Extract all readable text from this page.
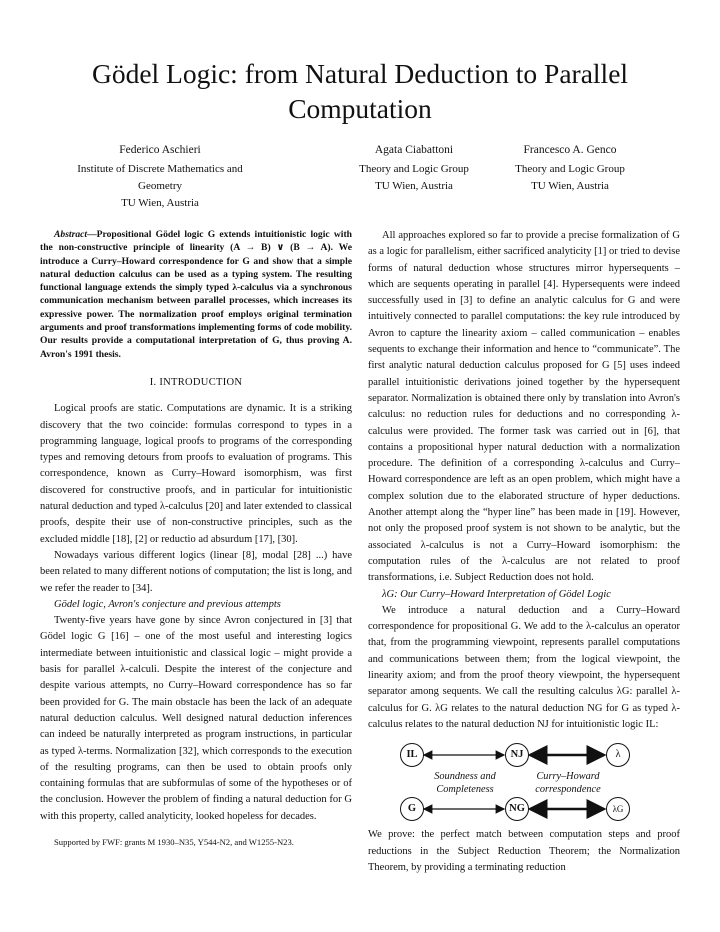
Gödel Logic: from Natural Deduction to Parallel Computation
Federico Aschieri
Institute of Discrete Mathematics and Geometry
TU Wien, Austria
Agata Ciabattoni
Theory and Logic Group
TU Wien, Austria
Francesco A. Genco
Theory and Logic Group
TU Wien, Austria

Abstract—Propositional Gödel logic G extends intuitionistic logic with the non-constructive principle of linearity (A → B) ∨ (B → A). We introduce a Curry–Howard correspondence for G and show that a simple natural deduction calculus can be used as a typing system. The resulting functional language extends the simply typed λ-calculus via a synchronous communication mechanism between parallel processes, which increases its expressive power. The normalization proof employs original termination arguments and proof transformations implementing forms of code mobility. Our results provide a computational interpretation of G, thus proving A. Avron's 1991 thesis.

I. INTRODUCTION

Logical proofs are static. Computations are dynamic. It is a striking discovery that the two coincide: formulas correspond to types in a programming language, logical proofs to programs of the corresponding types and removing detours from proofs to evaluation of programs. This correspondence, known as Curry–Howard isomorphism, was first discovered for constructive proofs, and in particular for intuitionistic natural deduction and typed λ-calculus [20] and later extended to classical proofs, despite their use of non-constructive principles, such as the excluded middle [18], [2] or reductio ad absurdum [17], [30].

Nowadays various different logics (linear [8], modal [28] ...) have been related to many different notions of computation; the list is long, and we refer the reader to [34].

Gödel logic, Avron's conjecture and previous attempts

Twenty-five years have gone by since Avron conjectured in [3] that Gödel logic G [16] – one of the most useful and interesting logics intermediate between intuitionistic and classical logic – might provide a basis for parallel λ-calculi. Despite the interest of the conjecture and despite various attempts, no Curry–Howard correspondence has so far been provided for G. The main obstacle has been the lack of an adequate natural deduction calculus. Well designed natural deduction inferences can indeed be naturally interpreted as program instructions, in particular as typed λ-terms. Normalization [32], which corresponds to the execution of the resulting programs, can then be used to obtain proofs only containing formulas that are subformulas of some of the hypotheses or of the conclusion. However the problem of finding a natural deduction for G with this property, called analyticity, looked hopeless for decades.

Supported by FWF: grants M 1930–N35, Y544-N2, and W1255-N23.

All approaches explored so far to provide a precise formalization of G as a logic for parallelism, either sacrificed analyticity [1] or tried to devise forms of natural deduction whose structures mirror hypersequents – which are sequents operating in parallel [4]. Hypersequents were indeed successfully used in [3] to define an analytic calculus for G and were intuitively connected to parallel computations: the key rule introduced by Avron to capture the linearity axiom – called communication – enables sequents to exchange their information and hence to “communicate”. The first analytic natural deduction calculus proposed for G [5] uses indeed parallel intuitionistic derivations joined together by the hypersequent separator. Normalization is obtained there only by translation into Avron's calculus: no reduction rules for deductions and no corresponding λ-calculus were provided. The former task was carried out in [6], that contains a propositional hyper natural deduction with a normalization procedure. The definition of a corresponding λ-calculus and Curry–Howard correspondence are left as an open problem, which might have a complex solution due to the elaborated structure of hyper deductions. Another attempt along the “hyper line” has been made in [19]. However, not only the proposed proof system is not shown to be analytic, but the associated λ-calculus is not a Curry–Howard isomorphism: the computation rules of the λ-calculus are not related to proof transformations, i.e. Subject Reduction does not hold.

λG: Our Curry–Howard Interpretation of Gödel Logic

We introduce a natural deduction and a Curry–Howard correspondence for propositional G. We add to the λ-calculus an operator that, from the programming viewpoint, represents parallel computations and communications between them; from the logical viewpoint, the linearity axiom; and from the proof theory viewpoint, the hypersequent separator among sequents. We call the resulting calculus λG: parallel λ-calculus for G. λG relates to the natural deduction NG for G as typed λ-calculus relates to the natural deduction NJ for intuitionistic logic IL:

IL	NJ	λ
G	NG	λG
Soundness and
Completeness
Curry–Howard
correspondence

We prove: the perfect match between computation steps and proof reductions in the Subject Reduction Theorem; the Normalization Theorem, by providing a terminating reduction
